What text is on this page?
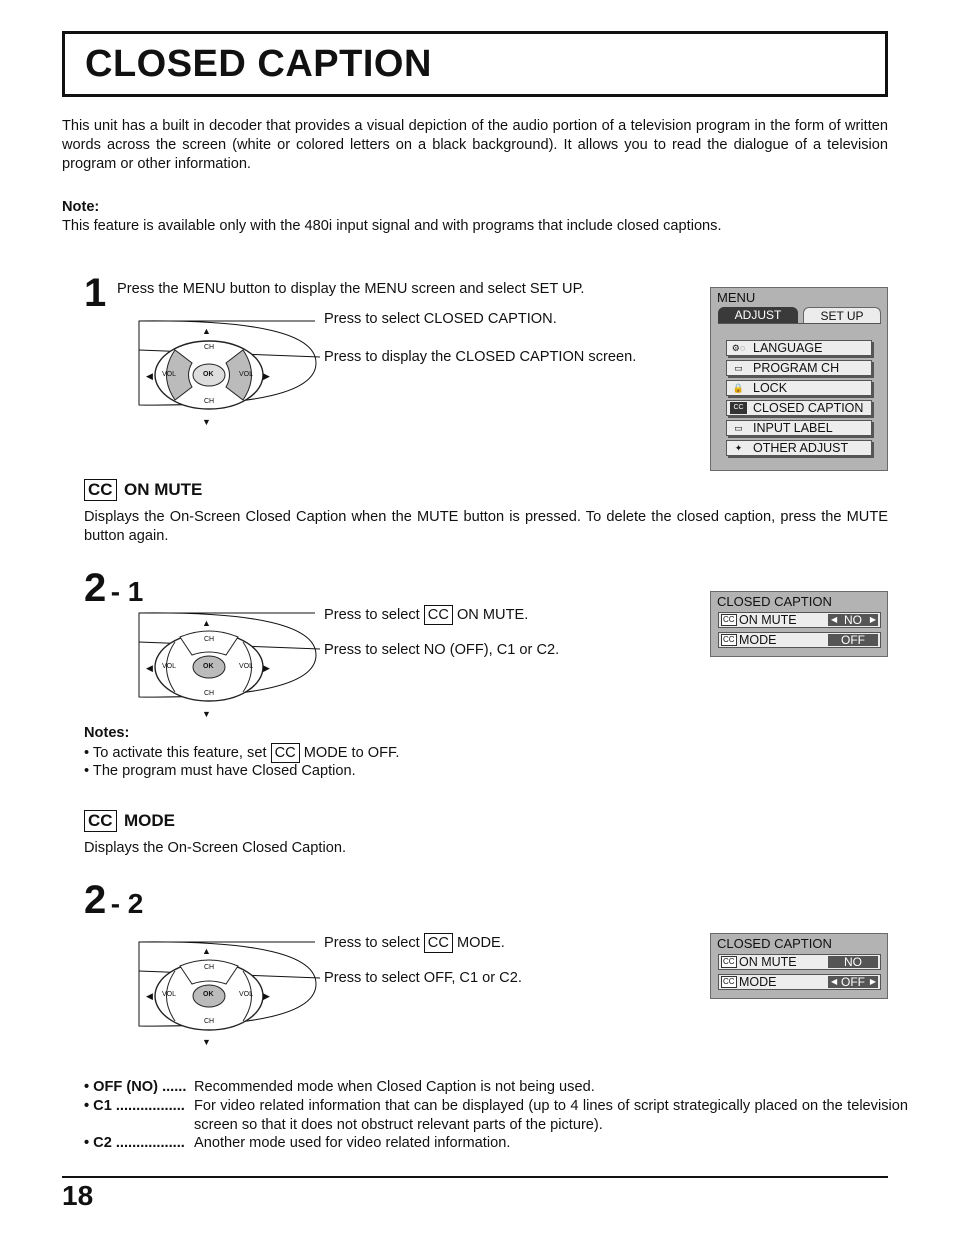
CLOSED CAPTION
This unit has a built in decoder that provides a visual depiction of the audio portion of a television program in the form of written words across the screen (white or colored letters on a black background). It allows you to read the dialogue of a television program or other information.
Note:
This feature is available only with the 480i input signal and with programs that include closed captions.
1 Press the MENU button to display the MENU screen and select SET UP.
▲
▼
◀	▶
OK
VOL	VOL
CH
CH
Press to select CLOSED CAPTION.
Press to display the CLOSED CAPTION screen.
MENU
ADJUST	SET UP
⚙◌ LANGUAGE
▭ PROGRAM CH
🔒 LOCK
CC CLOSED CAPTION
▭ INPUT LABEL
✦ OTHER ADJUST
CC ON MUTE
Displays the On-Screen Closed Caption when the MUTE button is pressed. To delete the closed caption, press the MUTE button again.
2 - 1
▲
▼
◀	▶
OK
VOL	VOL
CH
CH
Press to select CC ON MUTE.
Press to select NO (OFF), C1 or C2.
CLOSED CAPTION
CC ON MUTE	◀ NO ▶
CC MODE	OFF
Notes:
• To activate this feature, set CC MODE to OFF.
• The program must have Closed Caption.
CC MODE
Displays the On-Screen Closed Caption.
2 - 2
▲
▼
◀	▶
OK
VOL	VOL
CH
CH
Press to select CC MODE.
Press to select OFF, C1 or C2.
CLOSED CAPTION
CC ON MUTE	NO
CC MODE	◀ OFF ▶
• OFF (NO) ...... Recommended mode when Closed Caption is not being used.
• C1 ................. For video related information that can be displayed (up to 4 lines of script strategically placed on the television screen so that it does not obstruct relevant parts of the picture).
• C2 ................. Another mode used for video related information.
18
